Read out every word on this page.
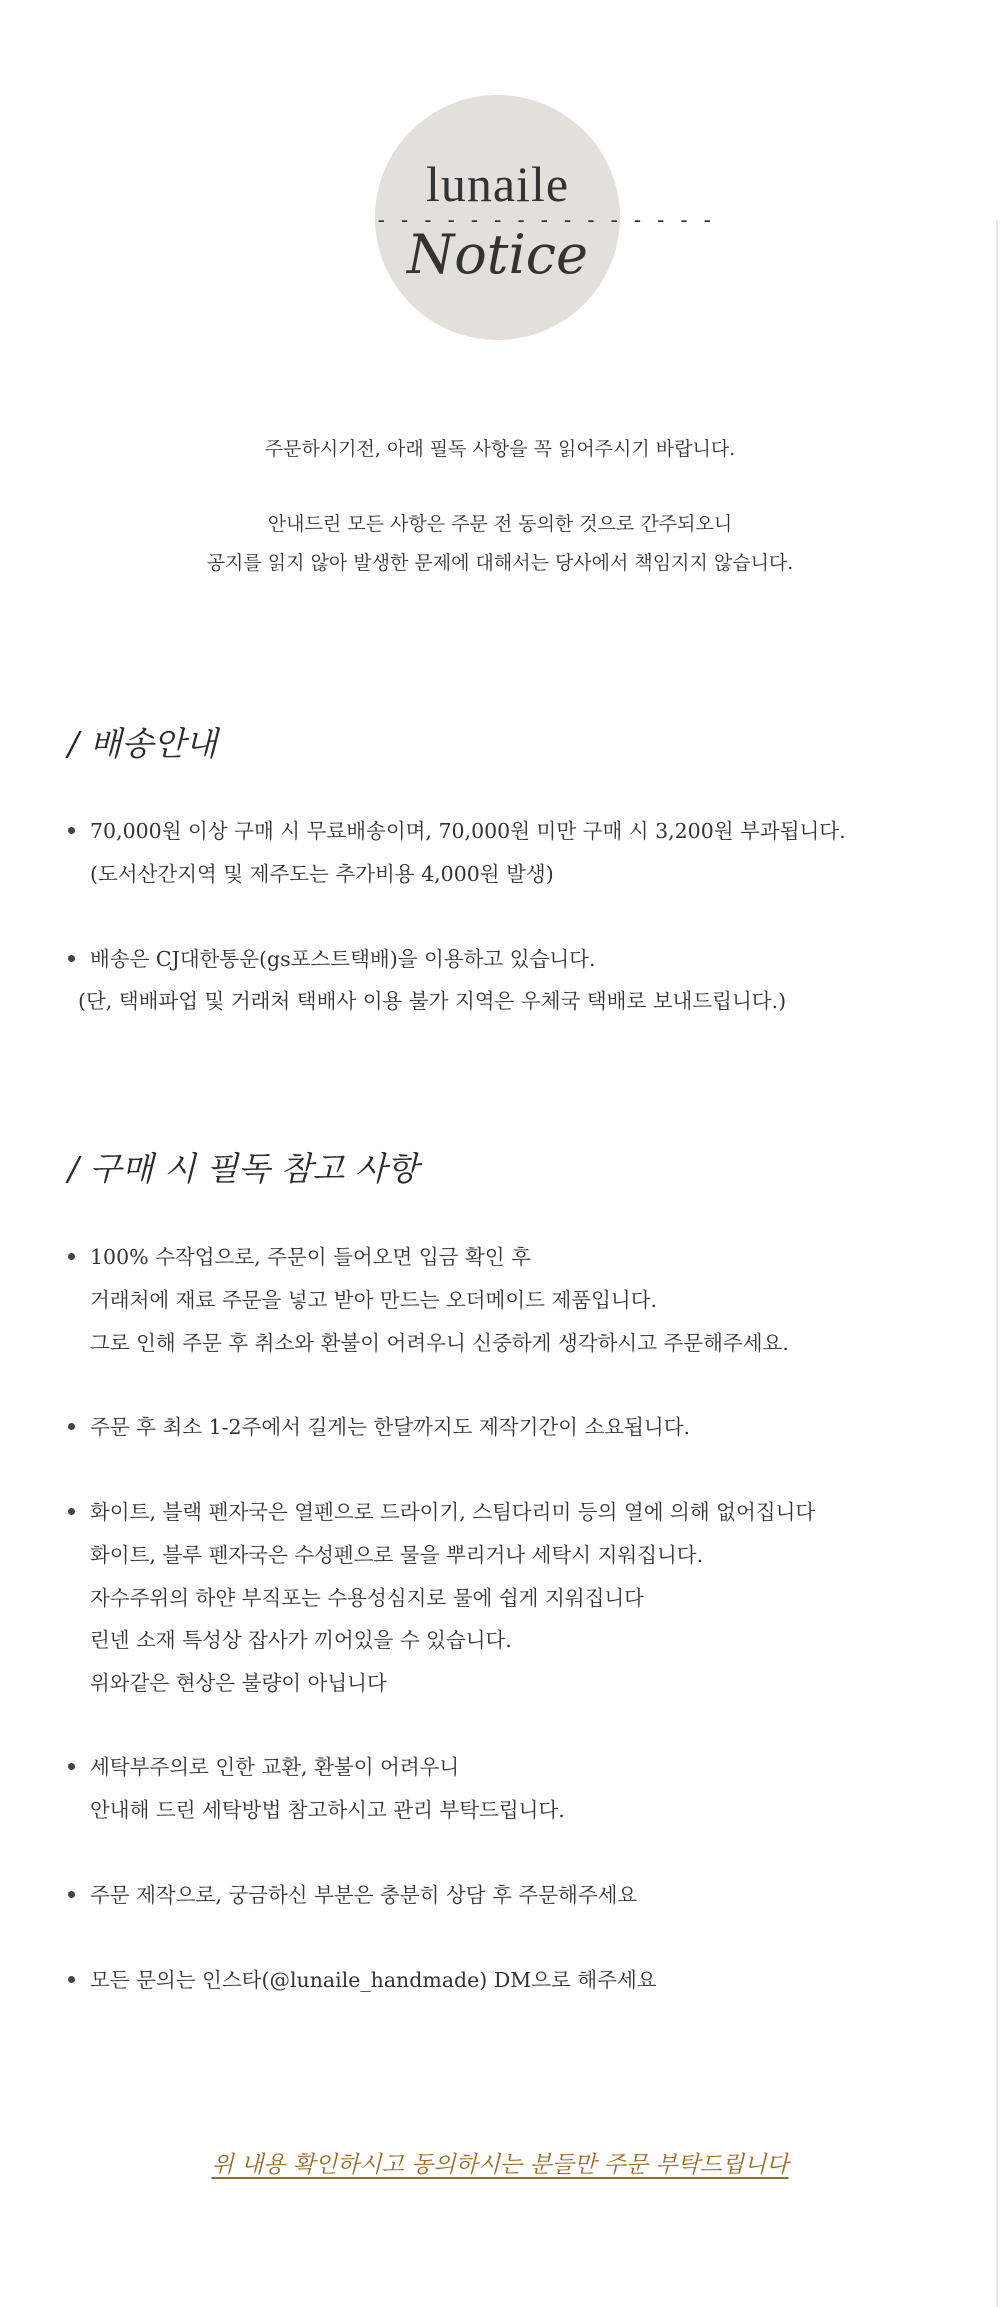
lunaile
- - - - - - - - - - - - - - -
Notice
주문하시기전, 아래 필독 사항을 꼭 읽어주시기 바랍니다.
안내드린 모든 사항은 주문 전 동의한 것으로 간주되오니
공지를 읽지 않아 발생한 문제에 대해서는 당사에서 책임지지 않습니다.
/ 배송안내
70,000원 이상 구매 시 무료배송이며, 70,000원 미만 구매 시 3,200원 부과됩니다.
(도서산간지역 및 제주도는 추가비용 4,000원 발생)
배송은 CJ대한통운(gs포스트택배)을 이용하고 있습니다.
(단, 택배파업 및 거래처 택배사 이용 불가 지역은 우체국 택배로 보내드립니다.)
/ 구매 시 필독 참고 사항
100% 수작업으로, 주문이 들어오면 입금 확인 후
거래처에 재료 주문을 넣고 받아 만드는 오더메이드 제품입니다.
그로 인해 주문 후 취소와 환불이 어려우니 신중하게 생각하시고 주문해주세요.
주문 후 최소 1-2주에서 길게는 한달까지도 제작기간이 소요됩니다.
화이트, 블랙 펜자국은 열펜으로 드라이기, 스팀다리미 등의 열에 의해 없어집니다
화이트, 블루 펜자국은 수성펜으로 물을 뿌리거나 세탁시 지워집니다.
자수주위의 하얀 부직포는 수용성심지로 물에 쉽게 지워집니다
린넨 소재 특성상 잡사가 끼어있을 수 있습니다.
위와같은 현상은 불량이 아닙니다
세탁부주의로 인한 교환, 환불이 어려우니
안내해 드린 세탁방법 참고하시고 관리 부탁드립니다.
주문 제작으로, 궁금하신 부분은 충분히 상담 후 주문해주세요
모든 문의는 인스타(@lunaile_handmade) DM으로 해주세요
위 내용 확인하시고 동의하시는 분들만 주문 부탁드립니다
